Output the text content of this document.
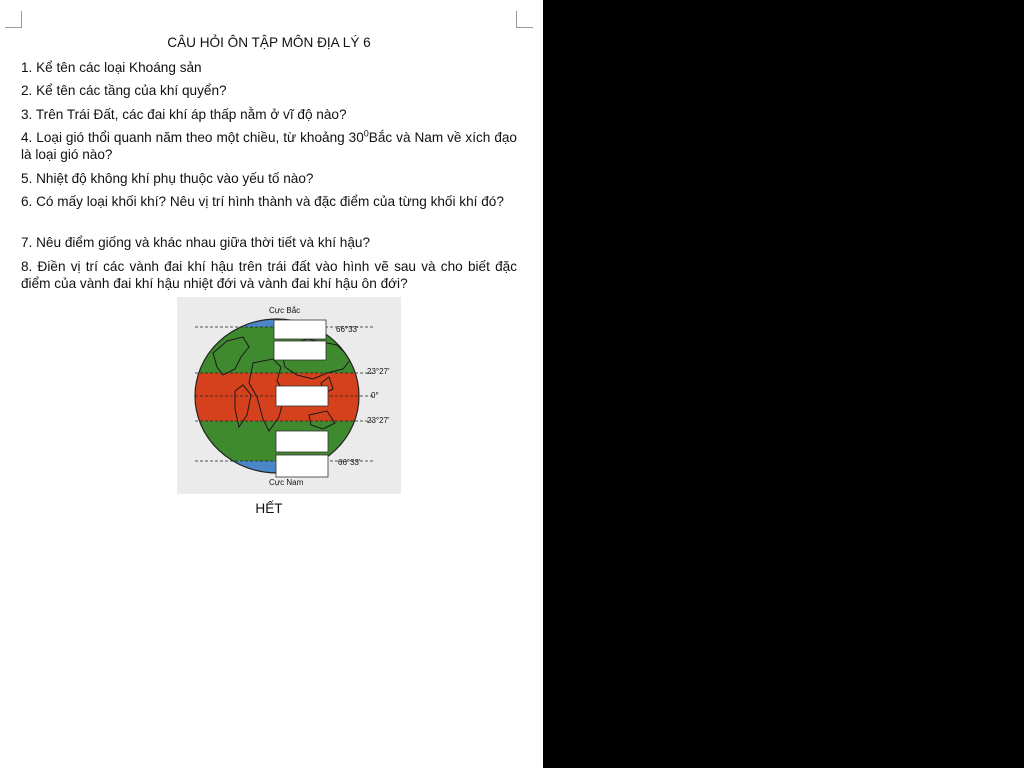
CÂU HỎI ÔN TẬP MÔN ĐỊA LÝ 6

1. Kể tên các loại Khoáng sản

2. Kể tên các tầng của khí quyển?

3. Trên Trái Đất, các đai khí áp thấp nằm ở vĩ độ nào?

4. Loại gió thổi quanh năm theo một chiều, từ khoảng $30^0Bắc$ và Nam về xích đạo là loại gió nào?

5. Nhiệt độ không khí phụ thuộc vào yếu tố nào?

6. Có mấy loại khối khí? Nêu vị trí hình thành và đặc điểm của từng khối khí đó?

7. Nêu điểm giống và khác nhau giữa thời tiết và khí hậu?

8. Điền vị trí các vành đai khí hậu trên trái đất vào hình vẽ sau và cho biết đặc điểm của vành đai khí hậu nhiệt đới và vành đai khí hậu ôn đới?

Cực Bắc
Cực Nam
66°33'
23°27'
0°
23°27'
66°33'
HẾT
